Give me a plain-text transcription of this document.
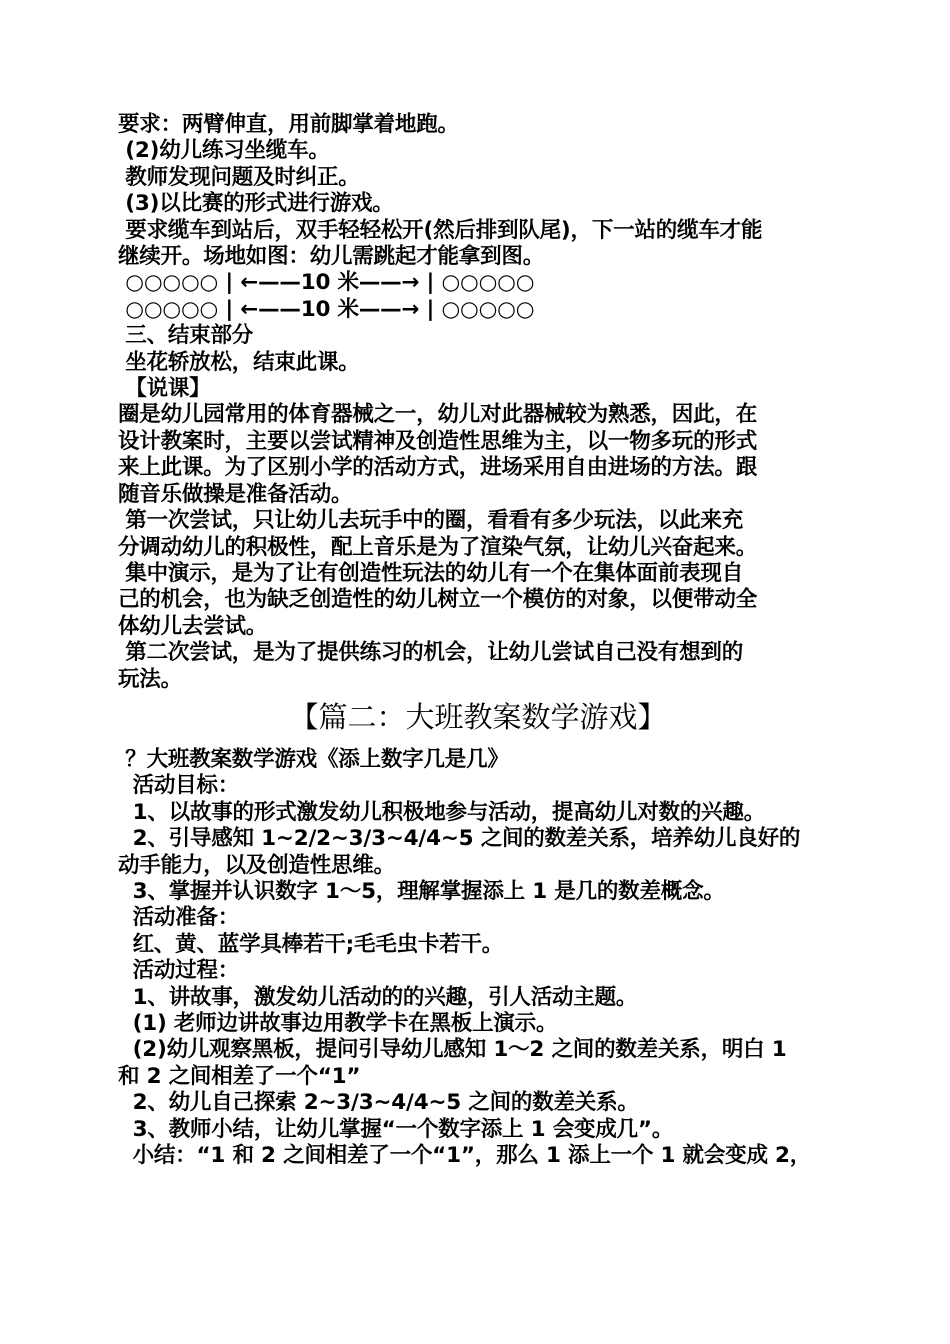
要求：两臂伸直，用前脚掌着地跑。
(2)幼儿练习坐缆车。
教师发现问题及时纠正。
(3)以比赛的形式进行游戏。
要求缆车到站后，双手轻轻松开(然后排到队尾)，下一站的缆车才能
继续开。场地如图：幼儿需跳起才能拿到图。
○○○○○ | ←——10 米——→ | ○○○○○
○○○○○ | ←——10 米——→ | ○○○○○
三、结束部分
坐花轿放松，结束此课。
【说课】
圈是幼儿园常用的体育器械之一，幼儿对此器械较为熟悉，因此，在
设计教案时，主要以尝试精神及创造性思维为主，以一物多玩的形式
来上此课。为了区别小学的活动方式，进场采用自由进场的方法。跟
随音乐做操是准备活动。
第一次尝试，只让幼儿去玩手中的圈，看看有多少玩法，以此来充
分调动幼儿的积极性，配上音乐是为了渲染气氛，让幼儿兴奋起来。
集中演示，是为了让有创造性玩法的幼儿有一个在集体面前表现自
己的机会，也为缺乏创造性的幼儿树立一个模仿的对象，以便带动全
体幼儿去尝试。
第二次尝试，是为了提供练习的机会，让幼儿尝试自己没有想到的
玩法。
【篇二：大班教案数学游戏】
？大班教案数学游戏《添上数字几是几》
活动目标：
1、以故事的形式激发幼儿积极地参与活动，提高幼儿对数的兴趣。
2、引导感知 1~2/2~3/3~4/4~5 之间的数差关系，培养幼儿良好的
动手能力，以及创造性思维。
3、掌握并认识数字 1～5，理解掌握添上 1 是几的数差概念。
活动准备：
红、黄、蓝学具棒若干;毛毛虫卡若干。
活动过程：
1、讲故事，激发幼儿活动的的兴趣，引人活动主题。
(1) 老师边讲故事边用教学卡在黑板上演示。
(2)幼儿观察黑板，提问引导幼儿感知 1～2 之间的数差关系，明白 1
和 2 之间相差了一个“1”
2、幼儿自己探索 2~3/3~4/4~5 之间的数差关系。
3、教师小结，让幼儿掌握“一个数字添上 1 会变成几”。
小结：“1 和 2 之间相差了一个“1”，那么 1 添上一个 1 就会变成 2，
